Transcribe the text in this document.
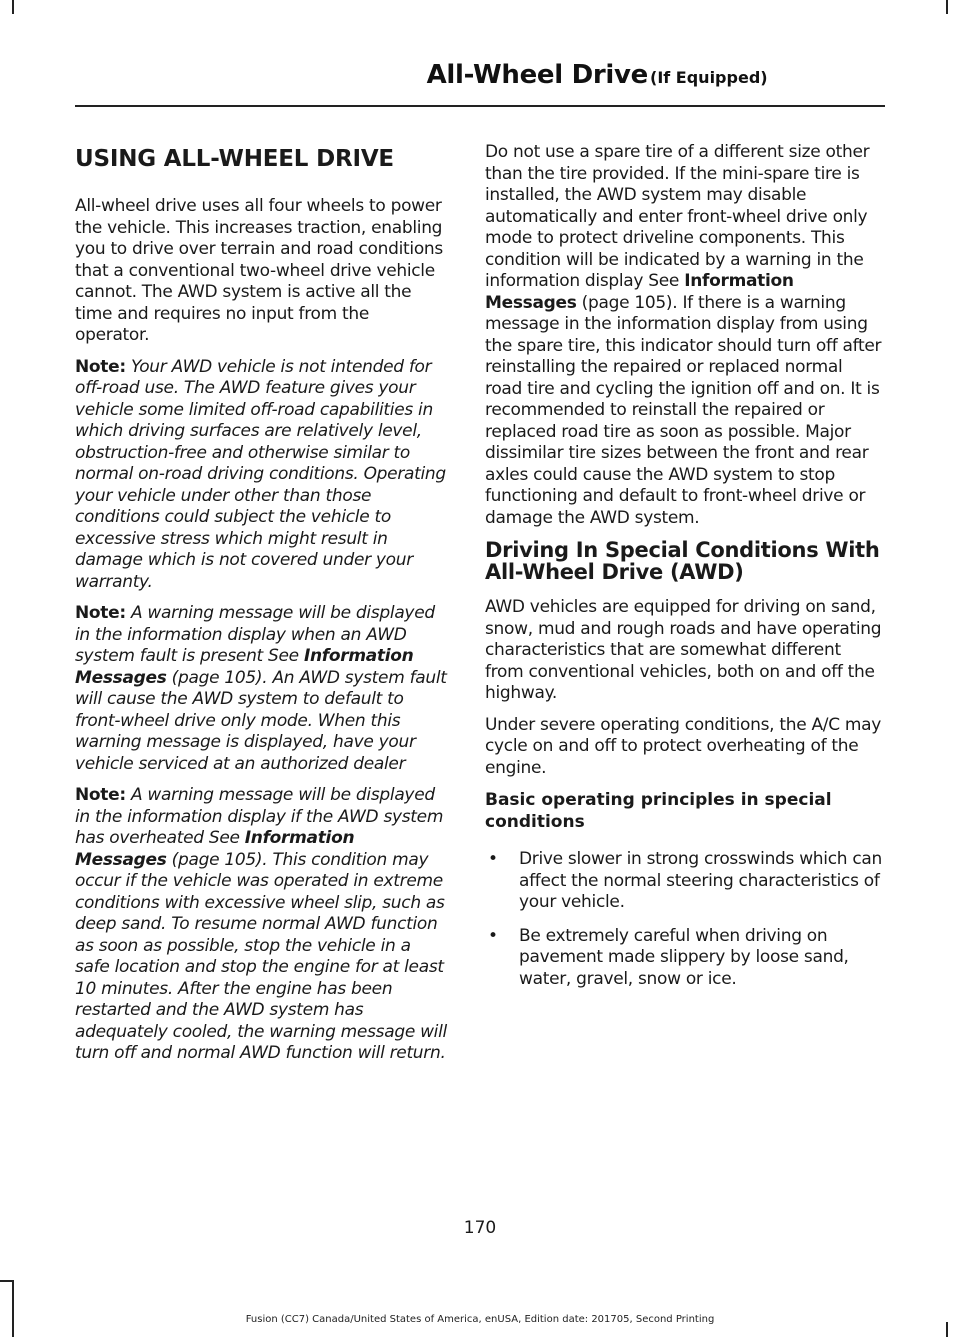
All-Wheel Drive (If Equipped)
USING ALL-WHEEL DRIVE

All-wheel drive uses all four wheels to power the vehicle. This increases traction, enabling you to drive over terrain and road conditions that a conventional two-wheel drive vehicle cannot. The AWD system is active all the time and requires no input from the operator.

Note: Your AWD vehicle is not intended for off-road use. The AWD feature gives your vehicle some limited off-road capabilities in which driving surfaces are relatively level, obstruction-free and otherwise similar to normal on-road driving conditions. Operating your vehicle under other than those conditions could subject the vehicle to excessive stress which might result in damage which is not covered under your warranty.

Note: A warning message will be displayed in the information display when an AWD system fault is present See Information Messages (page 105). An AWD system fault will cause the AWD system to default to front-wheel drive only mode. When this warning message is displayed, have your vehicle serviced at an authorized dealer

Note: A warning message will be displayed in the information display if the AWD system has overheated See Information Messages (page 105). This condition may occur if the vehicle was operated in extreme conditions with excessive wheel slip, such as deep sand. To resume normal AWD function as soon as possible, stop the vehicle in a safe location and stop the engine for at least 10 minutes. After the engine has been restarted and the AWD system has adequately cooled, the warning message will turn off and normal AWD function will return.

Do not use a spare tire of a different size other than the tire provided. If the mini-spare tire is installed, the AWD system may disable automatically and enter front-wheel drive only mode to protect driveline components. This condition will be indicated by a warning in the information display See Information Messages (page 105). If there is a warning message in the information display from using the spare tire, this indicator should turn off after reinstalling the repaired or replaced normal road tire and cycling the ignition off and on. It is recommended to reinstall the repaired or replaced road tire as soon as possible. Major dissimilar tire sizes between the front and rear axles could cause the AWD system to stop functioning and default to front-wheel drive or damage the AWD system.

Driving In Special Conditions With All-Wheel Drive (AWD)

AWD vehicles are equipped for driving on sand, snow, mud and rough roads and have operating characteristics that are somewhat different from conventional vehicles, both on and off the highway.

Under severe operating conditions, the A/C may cycle on and off to protect overheating of the engine.

Basic operating principles in special conditions
• Drive slower in strong crosswinds which can affect the normal steering characteristics of your vehicle.
• Be extremely careful when driving on pavement made slippery by loose sand, water, gravel, snow or ice.
170
Fusion (CC7) Canada/United States of America, enUSA, Edition date: 201705, Second Printing
